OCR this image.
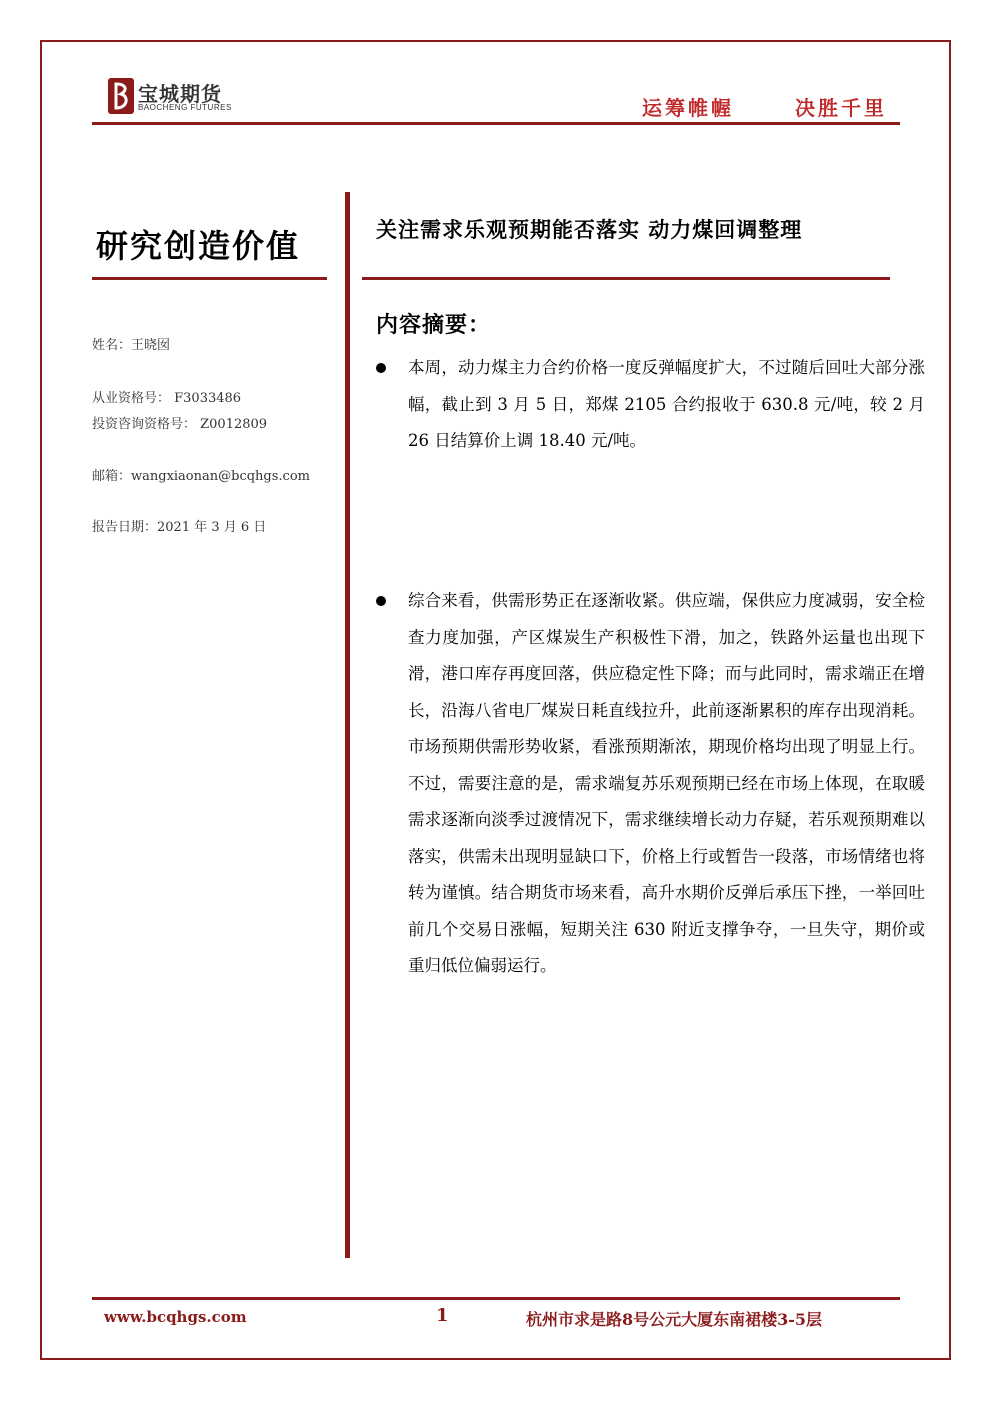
宝城期货
BAOCHENG FUTURES	运筹帷幄	决胜千里
研究创造价值	关注需求乐观预期能否落实 动力煤回调整理
姓名：王晓囡
从业资格号： F3033486
投资咨询资格号： Z0012809
邮箱：wangxiaonan@bcqhgs.com
报告日期：2021 年 3 月 6 日
内容摘要：
本周，动力煤主力合约价格一度反弹幅度扩大，不过随后回吐大部分涨幅，截止到 3 月 5 日，郑煤 2105 合约报收于 630.8 元/吨，较 2 月 26 日结算价上调 18.40 元/吨。
综合来看，供需形势正在逐渐收紧。供应端，保供应力度减弱，安全检查力度加强，产区煤炭生产积极性下滑，加之，铁路外运量也出现下滑，港口库存再度回落，供应稳定性下降；而与此同时，需求端正在增长，沿海八省电厂煤炭日耗直线拉升，此前逐渐累积的库存出现消耗。市场预期供需形势收紧，看涨预期渐浓，期现价格均出现了明显上行。不过，需要注意的是，需求端复苏乐观预期已经在市场上体现，在取暖需求逐渐向淡季过渡情况下，需求继续增长动力存疑，若乐观预期难以落实，供需未出现明显缺口下，价格上行或暂告一段落，市场情绪也将转为谨慎。结合期货市场来看，高升水期价反弹后承压下挫，一举回吐前几个交易日涨幅，短期关注 630 附近支撑争夺，一旦失守，期价或重归低位偏弱运行。
www.bcqhgs.com	1	杭州市求是路8号公元大厦东南裙楼3-5层
